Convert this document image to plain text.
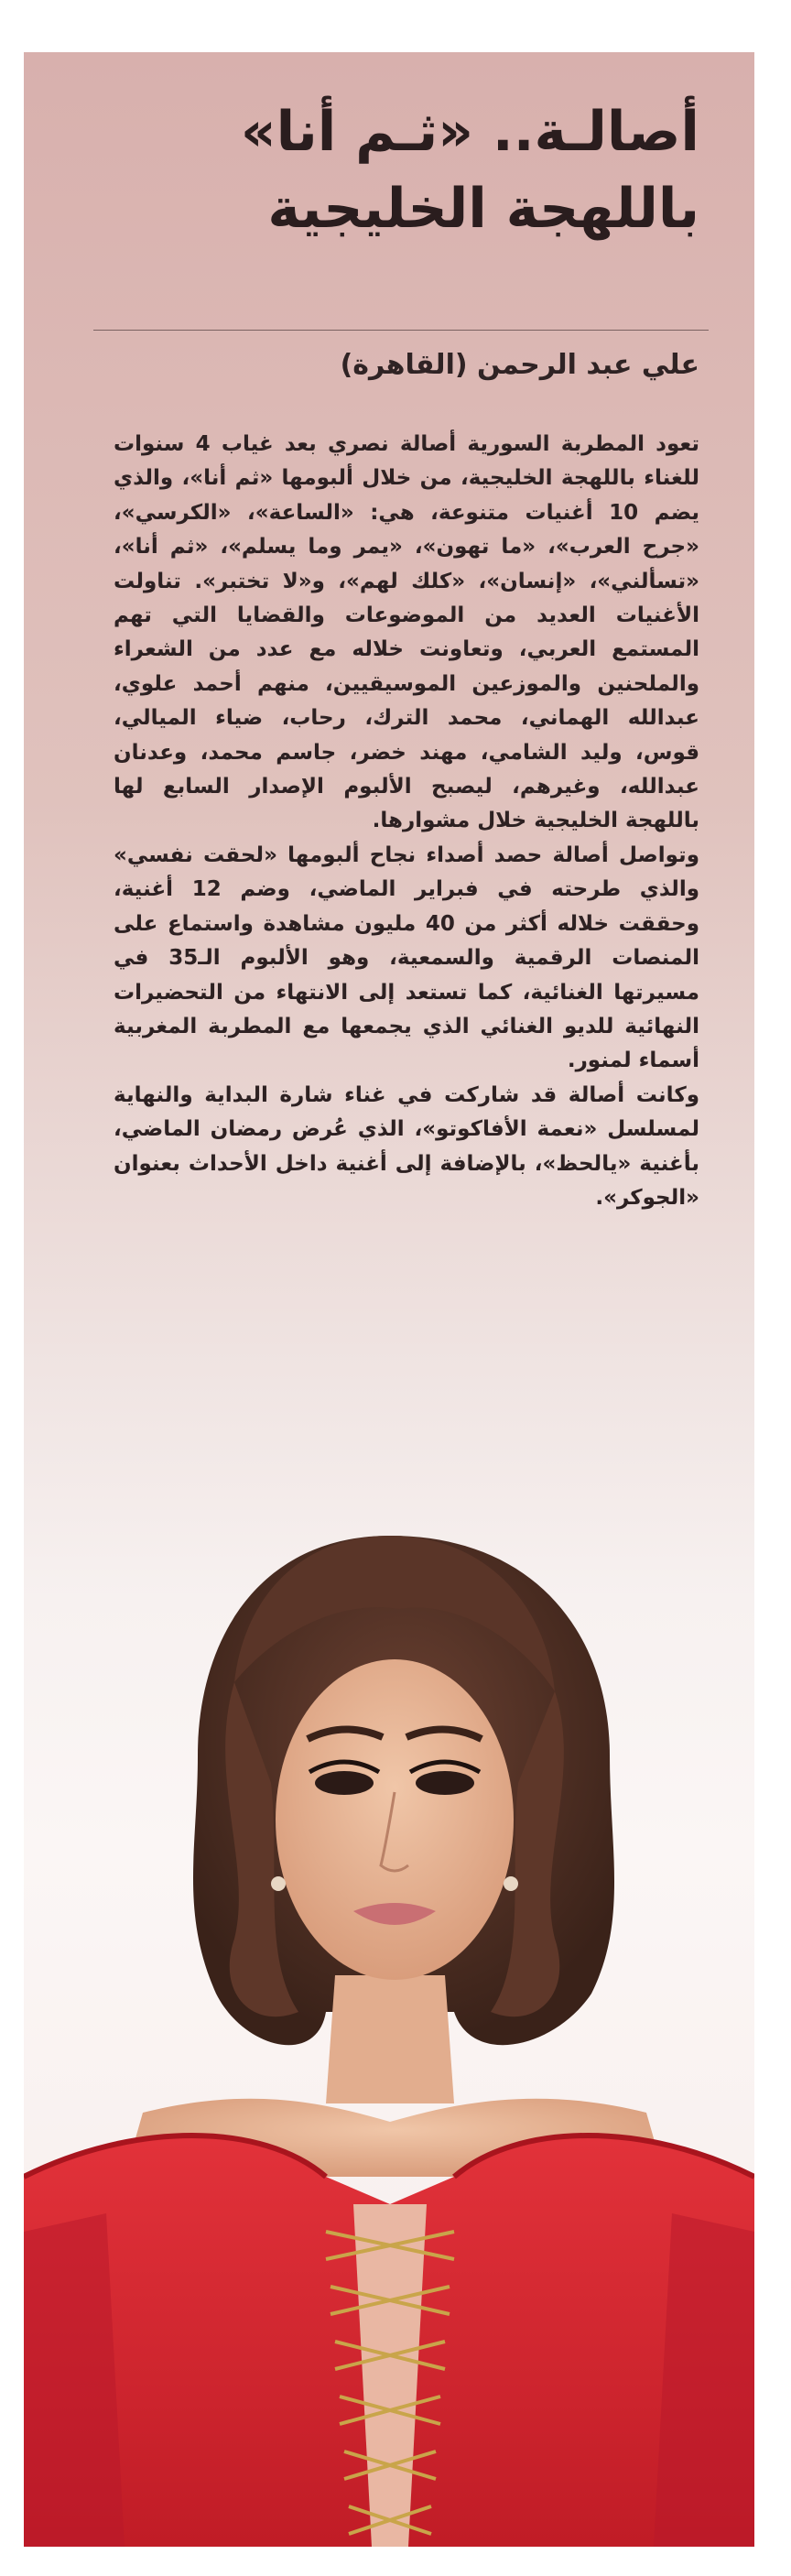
أصالـة.. «ثـم أنا»
باللهجة الخليجية
علي عبد الرحمن (القاهرة)

تعود المطربة السورية أصالة نصري بعد غياب 4 سنوات للغناء باللهجة الخليجية، من خلال ألبومها «ثم أنا»، والذي يضم 10 أغنيات متنوعة، هي: «الساعة»، «الكرسي»، «جرح العرب»، «ما تهون»، «يمر وما يسلم»، «ثم أنا»، «تسألني»، «إنسان»، «كلك لهم»، و«لا تختبر». تناولت الأغنيات العديد من الموضوعات والقضايا التي تهم المستمع العربي، وتعاونت خلاله مع عدد من الشعراء والملحنين والموزعين الموسيقيين، منهم أحمد علوي، عبدالله الهماني، محمد الترك، رحاب، ضياء الميالي، قوس، وليد الشامي، مهند خضر، جاسم محمد، وعدنان عبدالله، وغيرهم، ليصبح الألبوم الإصدار السابع لها باللهجة الخليجية خلال مشوارها.

وتواصل أصالة حصد أصداء نجاح ألبومها «لحقت نفسي» والذي طرحته في فبراير الماضي، وضم 12 أغنية، وحققت خلاله أكثر من 40 مليون مشاهدة واستماع على المنصات الرقمية والسمعية، وهو الألبوم الـ35 في مسيرتها الغنائية، كما تستعد إلى الانتهاء من التحضيرات النهائية للديو الغنائي الذي يجمعها مع المطربة المغربية أسماء لمنور.

وكانت أصالة قد شاركت في غناء شارة البداية والنهاية لمسلسل «نعمة الأفاكوتو»، الذي عُرض رمضان الماضي، بأغنية «يالحظ»، بالإضافة إلى أغنية داخل الأحداث بعنوان «الجوكر».
